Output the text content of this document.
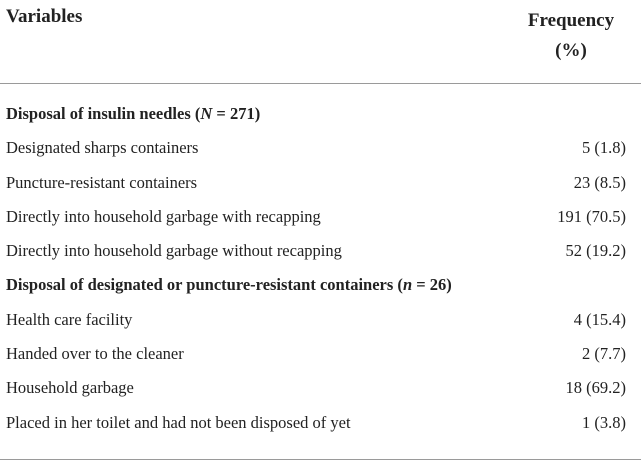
Variables	Frequency
(%)
Disposal of insulin needles (N = 271)
Designated sharps containers	5 (1.8)
Puncture-resistant containers	23 (8.5)
Directly into household garbage with recapping	191 (70.5)
Directly into household garbage without recapping	52 (19.2)
Disposal of designated or puncture-resistant containers (n = 26)
Health care facility	4 (15.4)
Handed over to the cleaner	2 (7.7)
Household garbage	18 (69.2)
Placed in her toilet and had not been disposed of yet	1 (3.8)
